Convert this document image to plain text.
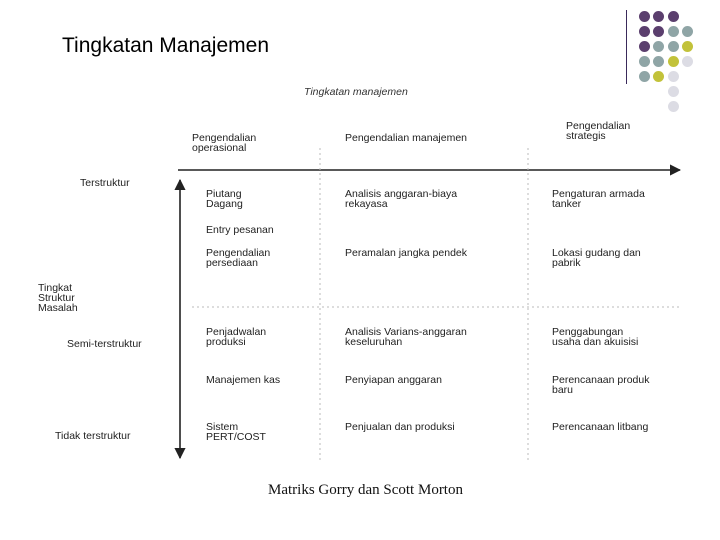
Tingkatan Manajemen
Tingkatan manajemen
Pengendalian
operasional
Pengendalian manajemen
Pengendalian
strategis
Terstruktur
Tingkat
Struktur
Masalah
Semi-terstruktur
Tidak terstruktur
Piutang
Dagang
Entry pesanan
Pengendalian
persediaan
Penjadwalan
produksi
Manajemen kas
Sistem
PERT/COST
Analisis anggaran-biaya
rekayasa
Peramalan jangka pendek
Analisis Varians-anggaran
keseluruhan
Penyiapan anggaran
Penjualan dan produksi
Pengaturan armada
tanker
Lokasi gudang dan
pabrik
Penggabungan
usaha dan akuisisi
Perencanaan produk
baru
Perencanaan litbang
Matriks Gorry dan Scott Morton
